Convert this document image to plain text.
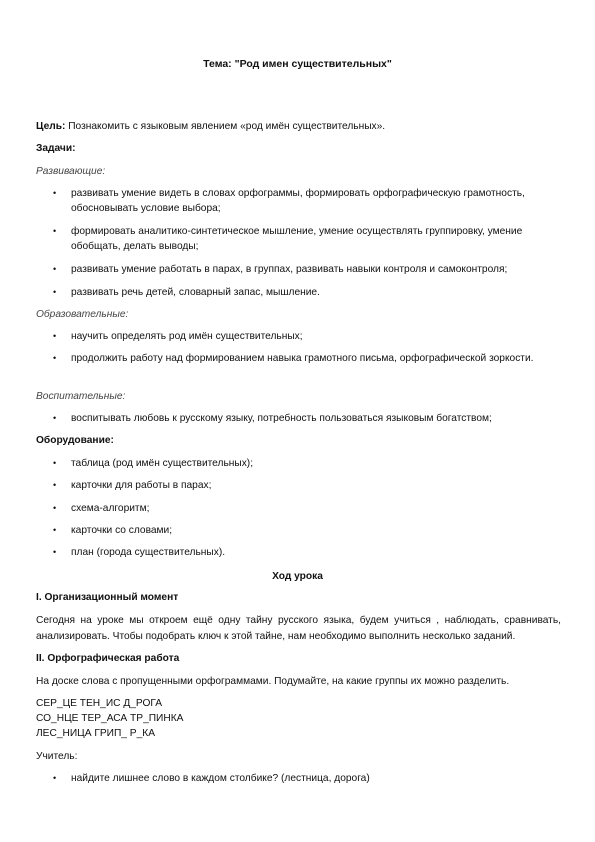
Тема: "Род имен существительных"
Цель: Познакомить с языковым явлением «род имён существительных».
Задачи:
Развивающие:
• развивать умение видеть в словах орфограммы, формировать орфографическую грамотность, обосновывать условие выбора;
• формировать аналитико-синтетическое мышление, умение осуществлять группировку, умение обобщать, делать выводы;
• развивать умение работать в парах, в группах, развивать навыки контроля и самоконтроля;
• развивать речь детей, словарный запас, мышление.
Образовательные:
• научить определять род имён существительных;
• продолжить работу над формированием навыка грамотного письма, орфографической зоркости.
Воспитательные:
• воспитывать любовь к русскому языку, потребность пользоваться языковым богатством;
Оборудование:
• таблица (род имён существительных);
• карточки для работы в парах;
• схема-алгоритм;
• карточки со словами;
• план (города существительных).
Ход урока
I. Организационный момент
Сегодня на уроке мы откроем ещё одну тайну русского языка, будем учиться , наблюдать, сравнивать, анализировать. Чтобы подобрать ключ к этой тайне, нам необходимо выполнить несколько заданий.
II. Орфографическая работа
На доске слова с пропущенными орфограммами. Подумайте, на какие группы их можно разделить.
СЕР_ЦЕ ТЕН_ИС Д_РОГА
СО_НЦЕ ТЕР_АСА ТР_ПИНКА
ЛЕС_НИЦА ГРИП_ Р_КА
Учитель:
• найдите лишнее слово в каждом столбике? (лестница, дорога)
